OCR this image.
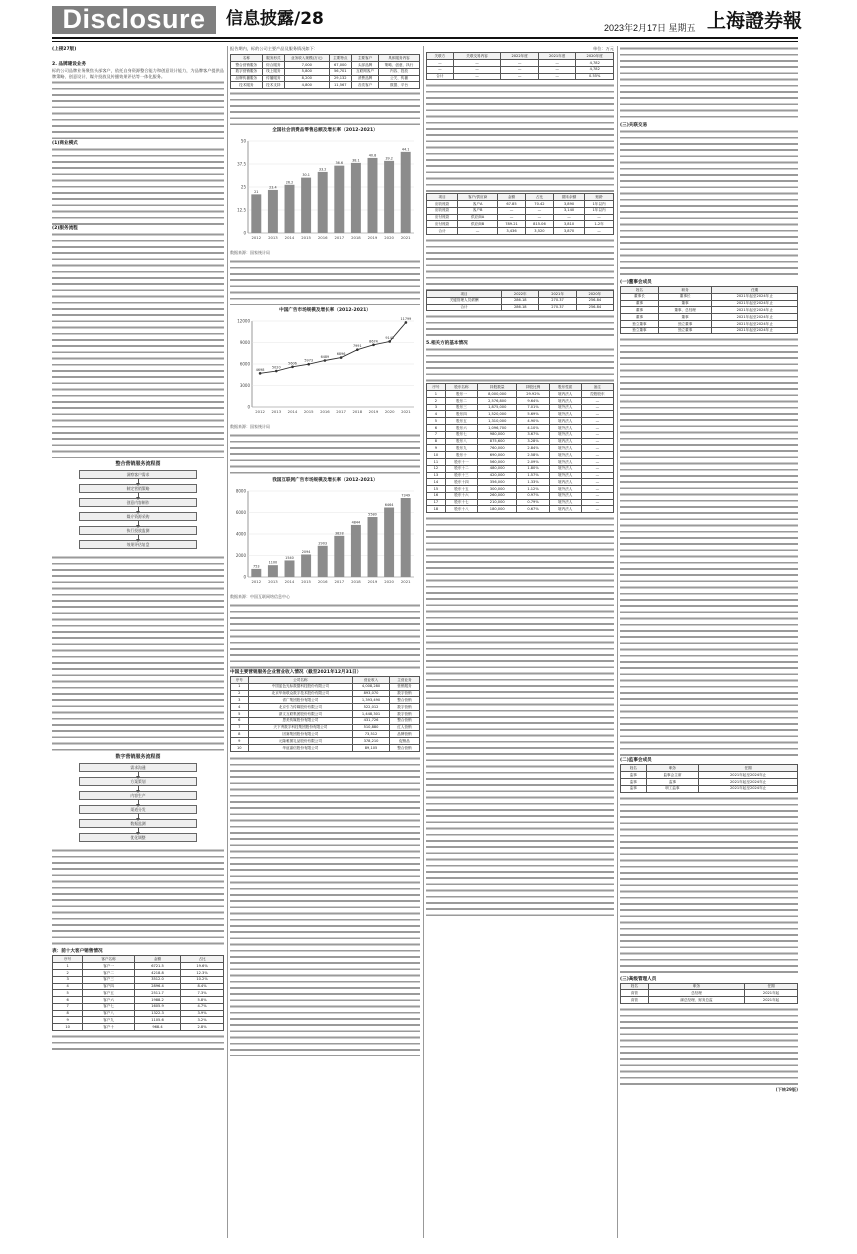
Disclosure	信息披露/28	2023年2月17日 星期五 上海證券報
(上接27版)
2. 品牌建设业务
标的公司品牌业务聚焦头部客户，依托自身资源整合能力和创意设计能力，为品牌客户提供品牌策略、创意设计、媒介投放及传播效果评估等一体化服务。
(1)商业模式
(2)服务流程
整合营销服务流程图
洞察客户需求
制定营销策略
创意内容制作
媒介资源采购
执行投放监测
效果评估复盘
数字营销服务流程图
需求沟通
方案策划
内容生产
渠道分发
数据监测
优化调整
表：前十大客户销售情况
序号	客户名称	金额	占比
1	客户一	6721.5	19.6%
2	客户二	4218.8	12.3%
3	客户三	3512.0	10.2%
4	客户四	2896.4	8.4%
5	客户五	2511.7	7.3%
6	客户六	1988.2	5.8%
7	客户七	1605.9	4.7%
8	客户八	1322.3	3.9%
9	客户九	1105.6	3.2%
10	客户十	968.4	2.8%
报告期内，标的公司主要产品及服务情况如下：
名称	服务形式	业务收入规模(万元)	主要特点	主要客户	具体服务内容
整合营销服务	综合服务	7,000	67,000	头部品牌	策略、创意、执行
数字营销服务	线上服务	5,800	56,701	互联网客户	内容、投放
品牌传播服务	传播服务	8,200	29,132	消费品牌	公关、传播
技术服务	技术支持	4,800	11,567	各类客户	数据、平台
全国社会消费品零售总额及增长率（2012-2021）
0
12.5
25
37.5
50
2012 2013 2014 2015 2016 2017 2018 2019 2020 2021
21
23.4
26.2
30.1
33.2
36.6
38.1
40.8
39.2
44.1
数据来源：国家统计局
中国广告市场规模及增长率（2012-2021）
0
3000
6000
9000
12000
2012 2013 2014 2015 2016 2017 2018 2019 2020 2021
4698
5020
5606
5973
6489
6896
7991
8674
9143
11799
数据来源：国家统计局
我国互联网广告市场规模及增长率（2012-2021）
0
2000
4000
6000
8000
2012 2013 2014 2015 2016 2017 2018 2019 2020 2021
753
1100
1540
2094
2903
3828
4844
5580
6464
7349
数据来源：中国互联网络信息中心
中国主要营销服务企业营业收入情况（截至2021年12月31日）
序号	公司名称	营业收入	主营业务
1	中国蓝色光标数据科技股份有限公司	4,008,280	营销服务
2	北京华扬联众数字技术股份有限公司	893,070	数字营销
3	省广集团股份有限公司	1,393,490	整合营销
4	北京引力传媒股份有限公司	522,012	数字营销
5	浙文互联集团股份有限公司	1,448,301	数字营销
6	思美传媒股份有限公司	431,726	整合营销
7	天下秀数字科技集团股份有限公司	510,880	红人营销
8	因赛集团股份有限公司	73,512	品牌营销
9	元隆雅图礼品股份有限公司	378,210	促销品
10	华谊嘉信股份有限公司	89,105	整合营销
单位：万元
关联方	关联交易内容	2022年度	2021年度	2020年度
—	—	—	—	4,782
—	—	—	—	4,782
合计	—	—	—	0.55%
项目	客户/供应商	金额	占比	期末余额	账龄
应收账款	客户A	67.85	70.42	3,890	1年以内
应收账款	客户B	—	—	3,140	1年以内
应付账款	供应商A	—	—	—	—
应付账款	供应商B	789.21	815.06	3,810	1-2年
合计	—	3,436	3,520	3,870	—
项目	2022年	2021年	2020年
关键管理人员薪酬	286.18	270.37	256.84
合计	286.18	270.37	256.84
5.相关方的基本情况
序号	股东名称	持股数量	持股比例	股东性质	备注
1	股东一	8,000,000	29.92%	境内法人	控股股东
2	股东二	2,576,800	9.64%	境内法人	—
3	股东三	1,875,000	7.01%	境外法人	—
4	股东四	1,520,000	5.69%	境外法人	—
5	股东五	1,310,000	4.90%	境内法人	—
6	股东六	1,096,700	4.10%	境外法人	—
7	股东七	980,000	3.67%	境外法人	—
8	股东八	875,600	3.28%	境内法人	—
9	股东九	760,000	2.84%	境外法人	—
10	股东十	690,000	2.58%	境外法人	—
11	股东十一	560,000	2.09%	境外法人	—
12	股东十二	480,000	1.80%	境外法人	—
13	股东十三	420,000	1.57%	境外法人	—
14	股东十四	356,000	1.33%	境内法人	—
15	股东十五	300,000	1.12%	境外法人	—
16	股东十六	260,000	0.97%	境外法人	—
17	股东十七	210,000	0.79%	境外法人	—
18	股东十八	180,000	0.67%	境内法人	—
(三)关联交易
(一)董事会成员
姓名	职务	任期
董事长	董事长	2021年起至2024年止
董事	董事	2021年起至2024年止
董事	董事、总经理	2021年起至2024年止
董事	董事	2021年起至2024年止
独立董事	独立董事	2021年起至2024年止
独立董事	独立董事	2021年起至2024年止
(二)监事会成员
姓名	职务	任期
监事	监事会主席	2021年起至2024年止
监事	监事	2021年起至2024年止
监事	职工监事	2021年起至2024年止
(三)高级管理人员
姓名	职务	任期
高管	总经理	2021年起
高管	副总经理、财务总监	2021年起
(下转29版)
